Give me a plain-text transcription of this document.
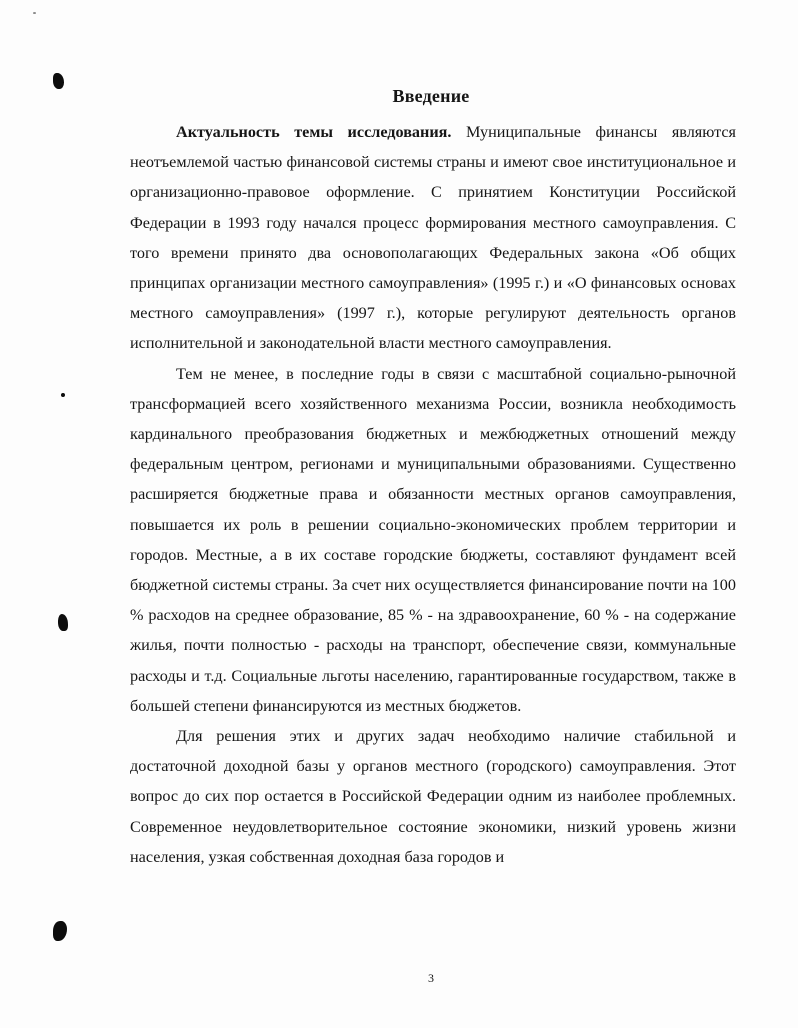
Введение

Актуальность темы исследования. Муниципальные финансы являются неотъемлемой частью финансовой системы страны и имеют свое институциональное и организационно-правовое оформление. С принятием Конституции Российской Федерации в 1993 году начался процесс формирования местного самоуправления. С того времени принято два основополагающих Федеральных закона «Об общих принципах организации местного самоуправления» (1995 г.) и «О финансовых основах местного самоуправления» (1997 г.), которые регулируют деятельность органов исполнительной и законодательной власти местного самоуправления.

Тем не менее, в последние годы в связи с масштабной социально-рыночной трансформацией всего хозяйственного механизма России, возникла необходимость кардинального преобразования бюджетных и межбюджетных отношений между федеральным центром, регионами и муниципальными образованиями. Существенно расширяется бюджетные права и обязанности местных органов самоуправления, повышается их роль в решении социально-экономических проблем территории и городов. Местные, а в их составе городские бюджеты, составляют фундамент всей бюджетной системы страны. За счет них осуществляется финансирование почти на 100 % расходов на среднее образование, 85 % - на здравоохранение, 60 % - на содержание жилья, почти полностью - расходы на транспорт, обеспечение связи, коммунальные расходы и т.д. Социальные льготы населению, гарантированные государством, также в большей степени финансируются из местных бюджетов.

Для решения этих и других задач необходимо наличие стабильной и достаточной доходной базы у органов местного (городского) самоуправления. Этот вопрос до сих пор остается в Российской Федерации одним из наиболее проблемных. Современное неудовлетворительное состояние экономики, низкий уровень жизни населения, узкая собственная доходная база городов и

3
